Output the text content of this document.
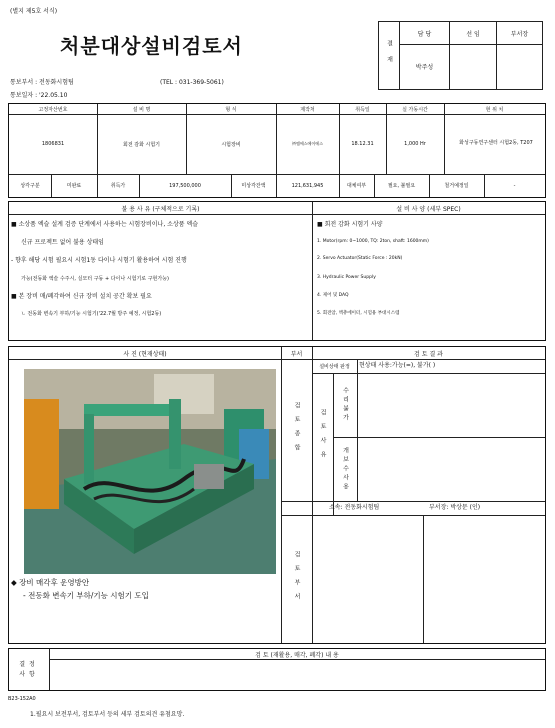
(별지 제5호 서식)
처분대상설비검토서	결재
담 당	선 임	부서장
박주성
통보부서 : 전동화시험팀	(TEL : 031-369-5061)
통보일자 : '22.05.10
고정자산번호	설 비 명	형 식	제작처	취득일	실 가동시간	현 위 치
1806831	회전 감화 시험기	시험장비	㈜엠에스에이에스	18.12.31	1,000 Hr	화성구동연구센터 시험2동, T207
상각구분	미완료	취득가	197,500,000	미상각잔액	121,631,945	대체여부	필요, 불필요	철거예정일	-
불 용 사 유 (구체적으로 기록)	설 비 사 양 (세부 SPEC)
■ 소상품 엑슬 설계 검증 단계에서 사용하는 시험장비이나, 소상품 엑슬
신규 프로젝트 없어 불용 상태임
- 향후 해당 시험 필요시 시험1동 다이나 시험기 활용하여 시험 진행
가능(전동화 엑슬 수주시, 실모터 구동 + 다이나 시험기로 구현가능)
■ 본 장비 매/폐각하여 신규 장비 설치 공간 확보 필요
ㄴ 전동화 변속기 부하/기능 시험기('22.7월 방주 예정, 시험2동)
■ 회전 감화 시험기 사양
1. Motor(rpm: 0~1000, TQ: 2ton, shaft: 1600mm)
2. Servo Actuator(Static Force : 20kN)
3. Hydraulic Power Supply
4. 제어 및 DAQ
5. 회전암, 액츄에이터, 시험용 부대시스템
사 진 (현재상태)	부서	검 토 결 과
◆ 장비 매각후 운영방안
- 전동화 변속기 부하/기능 시험기 도입
설비상태 판정	현상태 사용:가능(=), 불가( )
검토종합	검토사유
수리불가
개보수사용
소속: 전동화시험팀	부서장: 박상문 (인)
검토부서
검 토 (재활용, 매각, 폐각) 내 용
결정사항
B23-152A0
1.필요시 보전부서, 검토부서 등의 세부 검토의견 유첨요망.
